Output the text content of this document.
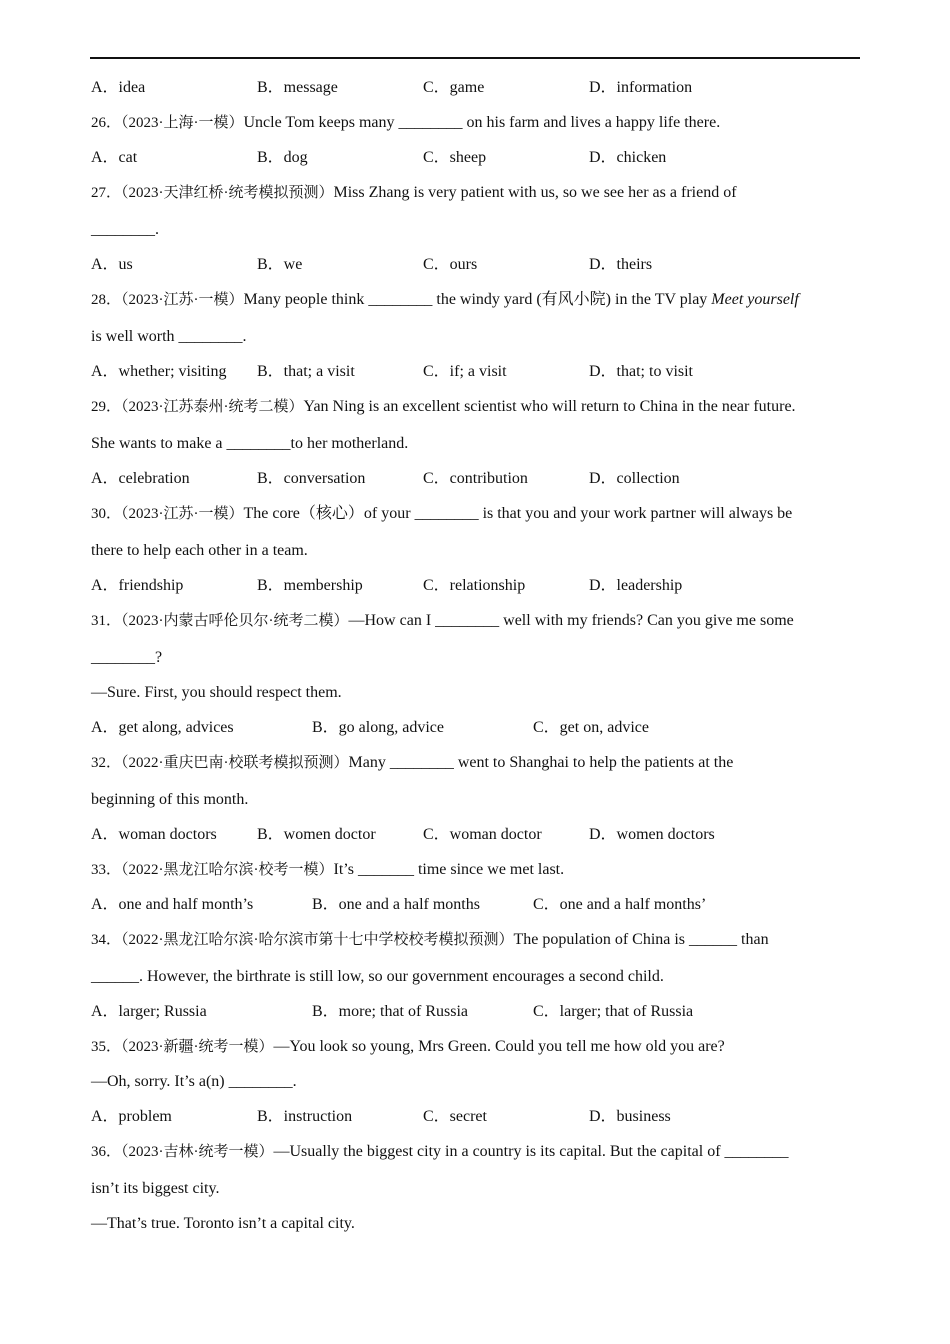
A．idea	B．message	C．game	D．information
26．（2023·上海·一模）Uncle Tom keeps many ________ on his farm and lives a happy life there.
A．cat	B．dog	C．sheep	D．chicken
27．（2023·天津红桥·统考模拟预测）Miss Zhang is very patient with us, so we see her as a friend of
________.
A．us	B．we	C．ours	D．theirs
28．（2023·江苏·一模）Many people think ________ the windy yard (有风小院) in the TV play Meet yourself
is well worth ________.
A．whether; visiting B．that; a visit	C．if; a visit	D．that; to visit
29．（2023·江苏泰州·统考二模）Yan Ning is an excellent scientist who will return to China in the near future.
She wants to make a ________to her motherland.
A．celebration	B．conversation	C．contribution	D．collection
30．（2023·江苏·一模）The core（核心）of your ________ is that you and your work partner will always be
there to help each other in a team.
A．friendship	B．membership	C．relationship	D．leadership
31．（2023·内蒙古呼伦贝尔·统考二模）—How can I ________ well with my friends? Can you give me some
________?
—Sure. First, you should respect them.
A．get along, advices	B．go along, advice	C．get on, advice
32．（2022·重庆巴南·校联考模拟预测）Many ________ went to Shanghai to help the patients at the
beginning of this month.
A．woman doctors	B．women doctor	C．woman doctor	D．women doctors
33．（2022·黑龙江哈尔滨·校考一模）It’s _______ time since we met last.
A．one and half month’s	B．one and a half months	C．one and a half months’
34．（2022·黑龙江哈尔滨·哈尔滨市第十七中学校校考模拟预测）The population of China is ______ than
______. However, the birthrate is still low, so our government encourages a second child.
A．larger; Russia	B．more; that of Russia	C．larger; that of Russia
35．（2023·新疆·统考一模）—You look so young, Mrs Green. Could you tell me how old you are?
—Oh, sorry. It’s a(n) ________.
A．problem	B．instruction	C．secret	D．business
36．（2023·吉林·统考一模）—Usually the biggest city in a country is its capital. But the capital of ________
isn’t its biggest city.
—That’s true. Toronto isn’t a capital city.
